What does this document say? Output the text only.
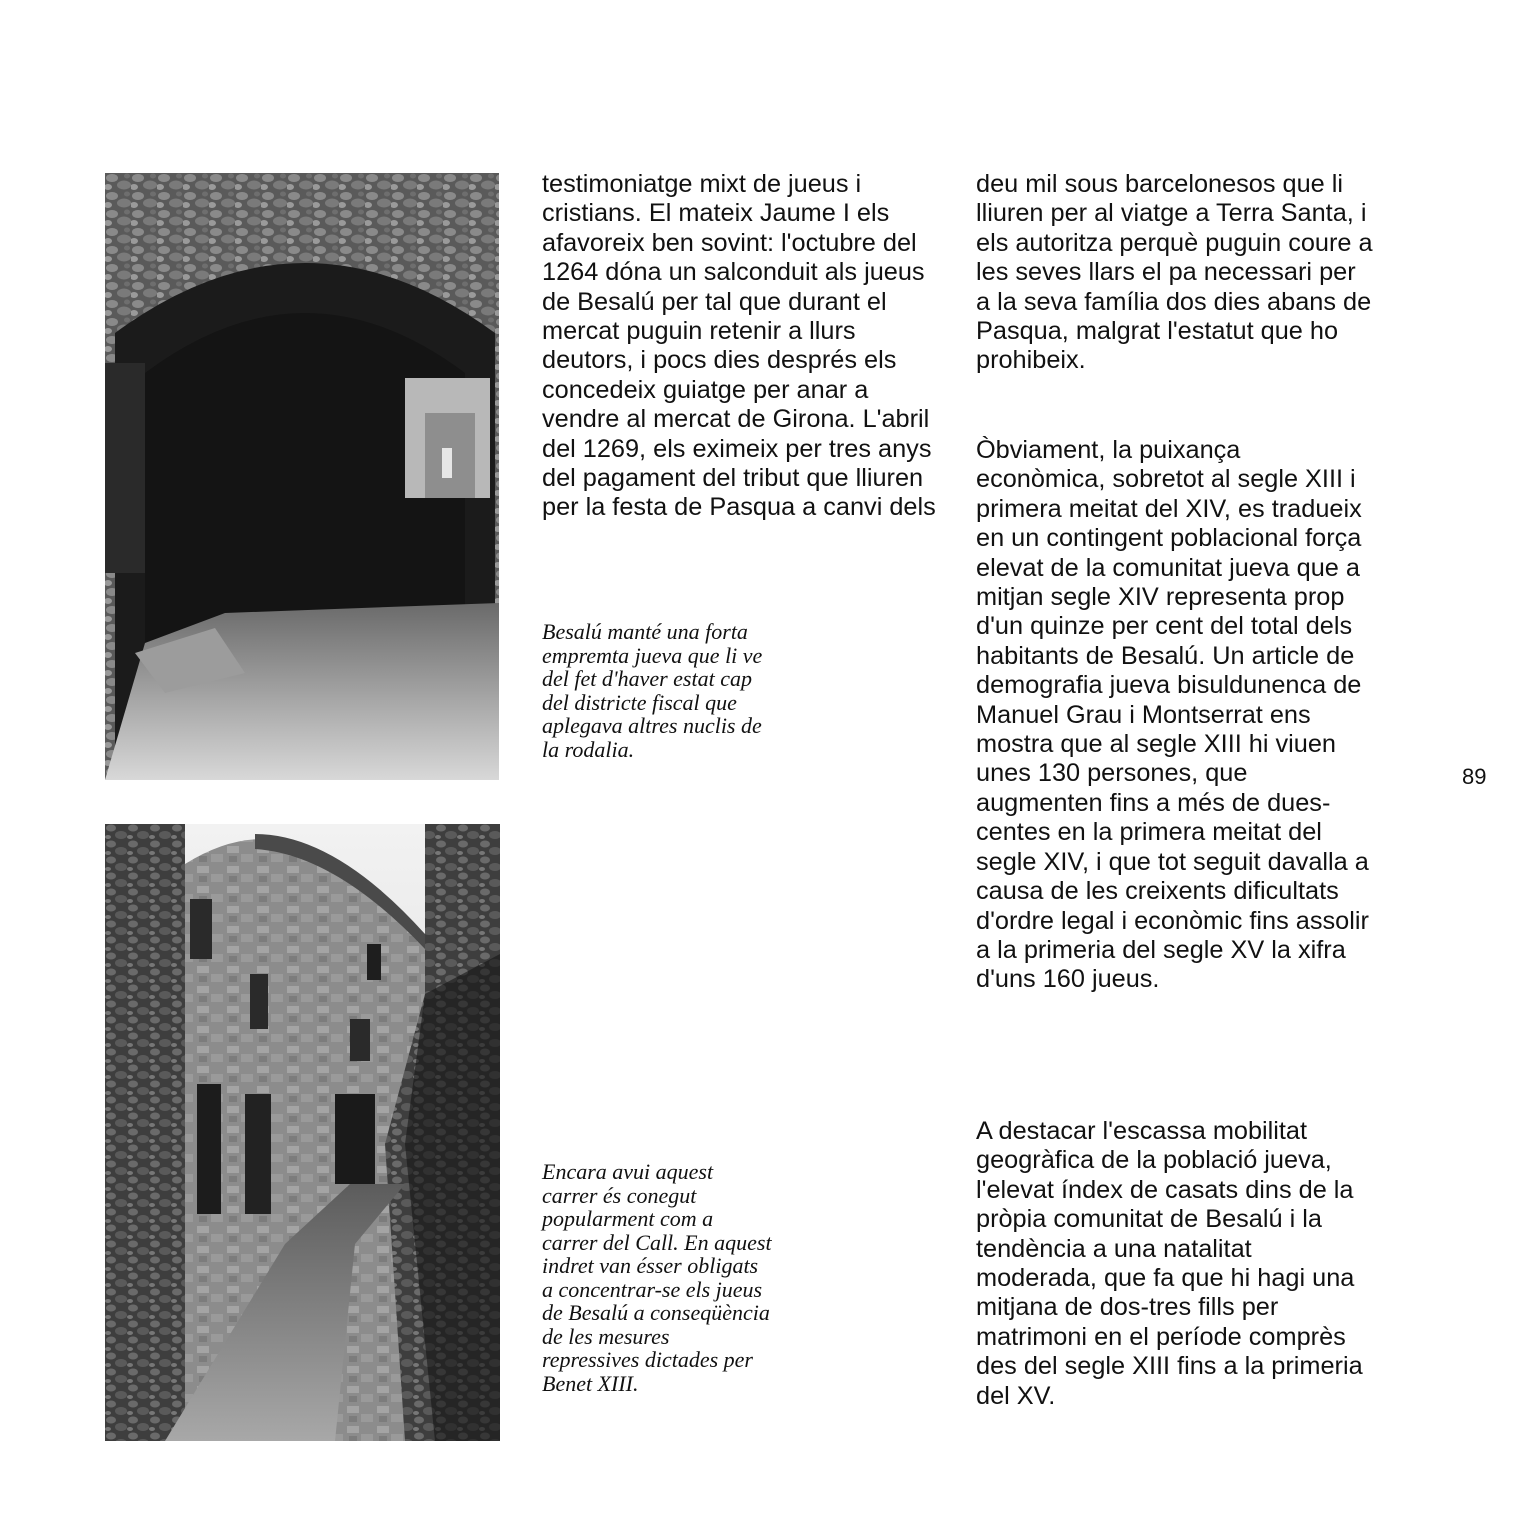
Besalú manté una forta empremta jueva que li ve del fet d'haver estat cap del districte fiscal que aplegava altres nuclis de la rodalia.

Encara avui aquest carrer és conegut popularment com a carrer del Call. En aquest indret van ésser obligats a concentrar-se els jueus de Besalú a conseqüència de les mesures repressives dictades per Benet XIII.

testimoniatge mixt de jueus i cristians. El mateix Jaume I els afavoreix ben sovint: l'octubre del 1264 dóna un salconduit als jueus de Besalú per tal que durant el mercat puguin retenir a llurs deutors, i pocs dies després els concedeix guiatge per anar a vendre al mercat de Girona. L'abril del 1269, els eximeix per tres anys del pagament del tribut que lliuren per la festa de Pasqua a canvi dels

deu mil sous barcelonesos que li lliuren per al viatge a Terra Santa, i els autoritza perquè puguin coure a les seves llars el pa necessari per a la seva família dos dies abans de Pasqua, malgrat l'estatut que ho prohibeix.

Òbviament, la puixança econòmica, sobretot al segle XIII i primera meitat del XIV, es tradueix en un contingent poblacional força elevat de la comunitat jueva que a mitjan segle XIV representa prop d'un quinze per cent del total dels habitants de Besalú. Un article de demografia jueva bisuldunenca de Manuel Grau i Montserrat ens mostra que al segle XIII hi viuen unes 130 persones, que augmenten fins a més de dues-centes en la primera meitat del segle XIV, i que tot seguit davalla a causa de les creixents dificultats d'ordre legal i econòmic fins assolir a la primeria del segle XV la xifra d'uns 160 jueus.

A destacar l'escassa mobilitat geogràfica de la població jueva, l'elevat índex de casats dins de la pròpia comunitat de Besalú i la tendència a una natalitat moderada, que fa que hi hagi una mitjana de dos-tres fills per matrimoni en el període comprès des del segle XIII fins a la primeria del XV.

89
